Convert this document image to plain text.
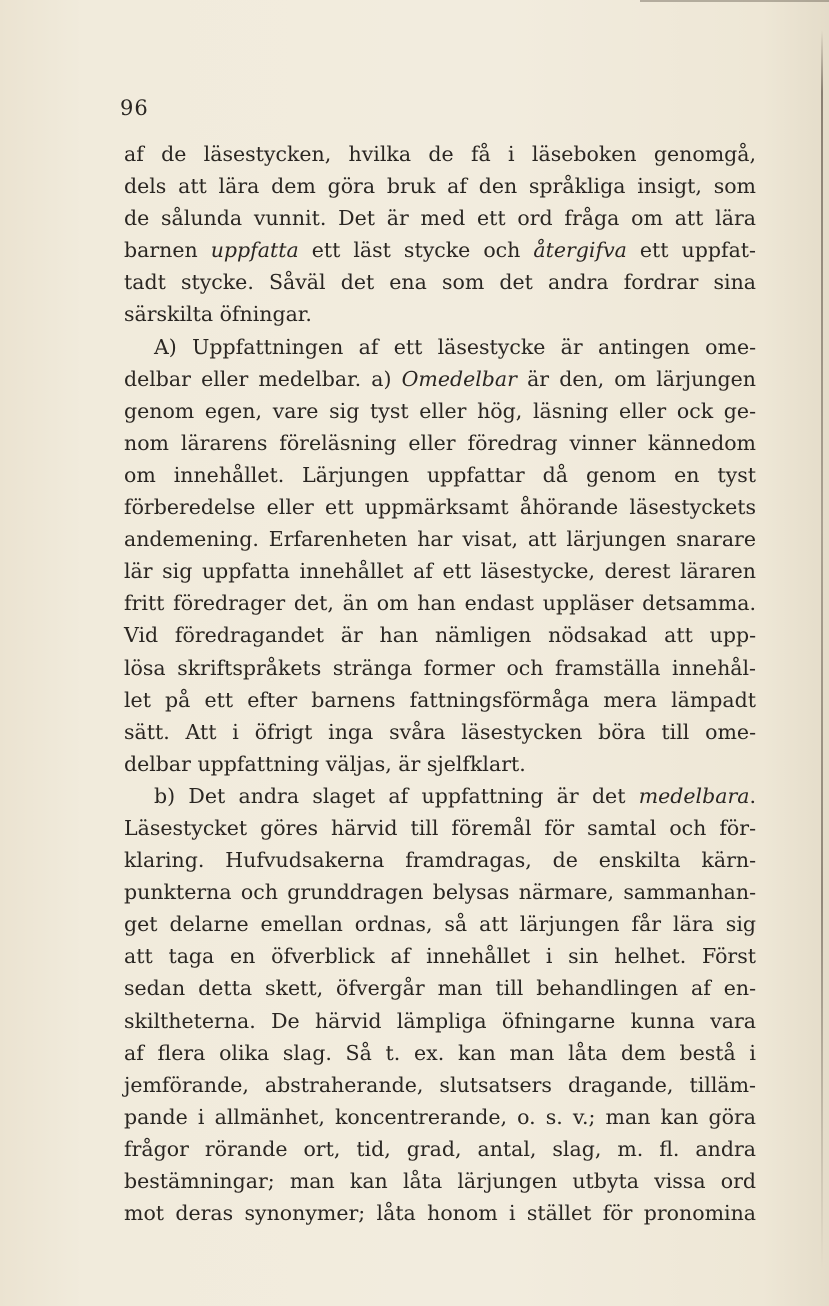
96
af de läsestycken, hvilka de få i läseboken genomgå,
dels att lära dem göra bruk af den språkliga insigt, som
de sålunda vunnit. Det är med ett ord fråga om att lära
barnen uppfatta ett läst stycke och återgifva ett uppfat-
tadt stycke. Såväl det ena som det andra fordrar sina
särskilta öfningar.
A) Uppfattningen af ett läsestycke är antingen ome-
delbar eller medelbar. a) Omedelbar är den, om lärjungen
genom egen, vare sig tyst eller hög, läsning eller ock ge-
nom lärarens föreläsning eller föredrag vinner kännedom
om innehållet. Lärjungen uppfattar då genom en tyst
förberedelse eller ett uppmärksamt åhörande läsestyckets
andemening. Erfarenheten har visat, att lärjungen snarare
lär sig uppfatta innehållet af ett läsestycke, derest läraren
fritt föredrager det, än om han endast uppläser detsamma.
Vid föredragandet är han nämligen nödsakad att upp-
lösa skriftspråkets stränga former och framställa innehål-
let på ett efter barnens fattningsförmåga mera lämpadt
sätt. Att i öfrigt inga svåra läsestycken böra till ome-
delbar uppfattning väljas, är sjelfklart.
b) Det andra slaget af uppfattning är det medelbara.
Läsestycket göres härvid till föremål för samtal och för-
klaring. Hufvudsakerna framdragas, de enskilta kärn-
punkterna och grunddragen belysas närmare, sammanhan-
get delarne emellan ordnas, så att lärjungen får lära sig
att taga en öfverblick af innehållet i sin helhet. Först
sedan detta skett, öfvergår man till behandlingen af en-
skiltheterna. De härvid lämpliga öfningarne kunna vara
af flera olika slag. Så t. ex. kan man låta dem bestå i
jemförande, abstraherande, slutsatsers dragande, tilläm-
pande i allmänhet, koncentrerande, o. s. v.; man kan göra
frågor rörande ort, tid, grad, antal, slag, m. fl. andra
bestämningar; man kan låta lärjungen utbyta vissa ord
mot deras synonymer; låta honom i stället för pronomina
